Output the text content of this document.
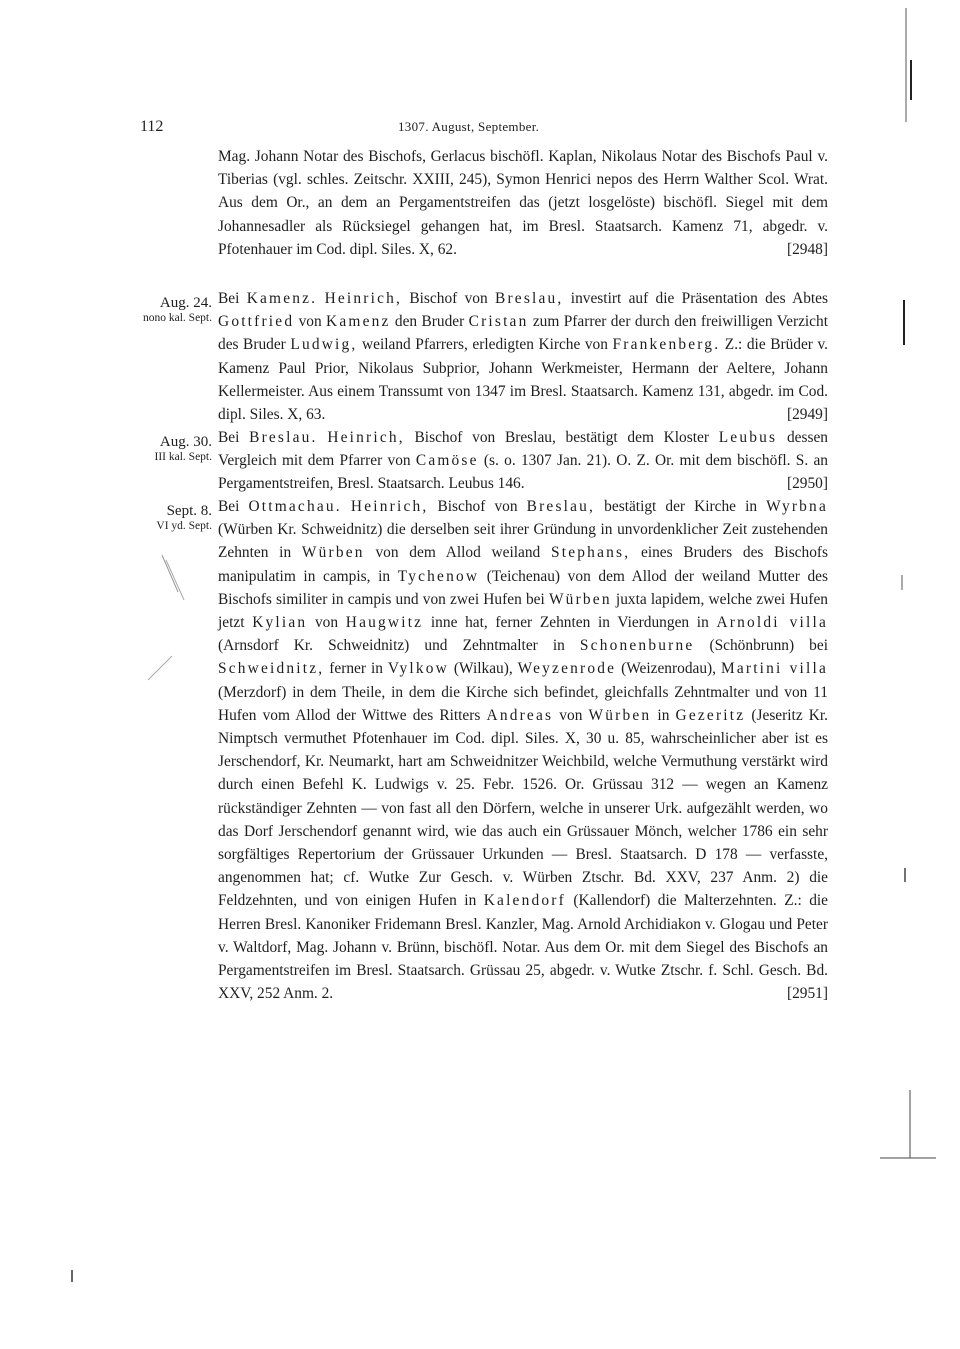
112	1307. August, September.

Mag. Johann Notar des Bischofs, Gerlacus bischöfl. Kaplan, Nikolaus Notar des Bischofs Paul v. Tiberias (vgl. schles. Zeitschr. XXIII, 245), Symon Henrici nepos des Herrn Walther Scol. Wrat. Aus dem Or., an dem an Pergamentstreifen das (jetzt losgelöste) bischöfl. Siegel mit dem Johannesadler als Rücksiegel gehangen hat, im Bresl. Staatsarch. Kamenz 71, abgedr. v. Pfotenhauer im Cod. dipl. Siles. X, 62.	[2948]

Aug. 24.
nono kal. Sept.

Bei Kamenz. Heinrich, Bischof von Breslau, investirt auf die Präsentation des Abtes Gottfried von Kamenz den Bruder Cristan zum Pfarrer der durch den freiwilligen Verzicht des Bruder Ludwig, weiland Pfarrers, erledigten Kirche von Frankenberg. Z.: die Brüder v. Kamenz Paul Prior, Nikolaus Subprior, Johann Werkmeister, Hermann der Aeltere, Johann Kellermeister. Aus einem Transsumt von 1347 im Bresl. Staatsarch. Kamenz 131, abgedr. im Cod. dipl. Siles. X, 63.	[2949]

Aug. 30.
III kal. Sept.

Bei Breslau. Heinrich, Bischof von Breslau, bestätigt dem Kloster Leubus dessen Vergleich mit dem Pfarrer von Camöse (s. o. 1307 Jan. 21). O. Z. Or. mit dem bischöfl. S. an Pergamentstreifen, Bresl. Staatsarch. Leubus 146.	[2950]

Sept. 8.
VI yd. Sept.

Bei Ottmachau. Heinrich, Bischof von Breslau, bestätigt der Kirche in Wyrbna (Würben Kr. Schweidnitz) die derselben seit ihrer Gründung in unvordenklicher Zeit zustehenden Zehnten in Würben von dem Allod weiland Stephans, eines Bruders des Bischofs manipulatim in campis, in Tychenow (Teichenau) von dem Allod der weiland Mutter des Bischofs similiter in campis und von zwei Hufen bei Würben juxta lapidem, welche zwei Hufen jetzt Kylian von Haugwitz inne hat, ferner Zehnten in Vierdungen in Arnoldi villa (Arnsdorf Kr. Schweidnitz) und Zehntmalter in Schonenburne (Schönbrunn) bei Schweidnitz, ferner in Vylkow (Wilkau), Weyzenrode (Weizenrodau), Martini villa (Merzdorf) in dem Theile, in dem die Kirche sich befindet, gleichfalls Zehntmalter und von 11 Hufen vom Allod der Wittwe des Ritters Andreas von Würben in Gezeritz (Jeseritz Kr. Nimptsch vermuthet Pfotenhauer im Cod. dipl. Siles. X, 30 u. 85, wahrscheinlicher aber ist es Jerschendorf, Kr. Neumarkt, hart am Schweidnitzer Weichbild, welche Vermuthung verstärkt wird durch einen Befehl K. Ludwigs v. 25. Febr. 1526. Or. Grüssau 312 — wegen an Kamenz rückständiger Zehnten — von fast all den Dörfern, welche in unserer Urk. aufgezählt werden, wo das Dorf Jerschendorf genannt wird, wie das auch ein Grüssauer Mönch, welcher 1786 ein sehr sorgfältiges Repertorium der Grüssauer Urkunden — Bresl. Staatsarch. D 178 — verfasste, angenommen hat; cf. Wutke Zur Gesch. v. Würben Ztschr. Bd. XXV, 237 Anm. 2) die Feldzehnten, und von einigen Hufen in Kalendorf (Kallendorf) die Malterzehnten. Z.: die Herren Bresl. Kanoniker Fridemann Bresl. Kanzler, Mag. Arnold Archidiakon v. Glogau und Peter v. Waltdorf, Mag. Johann v. Brünn, bischöfl. Notar. Aus dem Or. mit dem Siegel des Bischofs an Pergamentstreifen im Bresl. Staatsarch. Grüssau 25, abgedr. v. Wutke Ztschr. f. Schl. Gesch. Bd. XXV, 252 Anm. 2.	[2951]
